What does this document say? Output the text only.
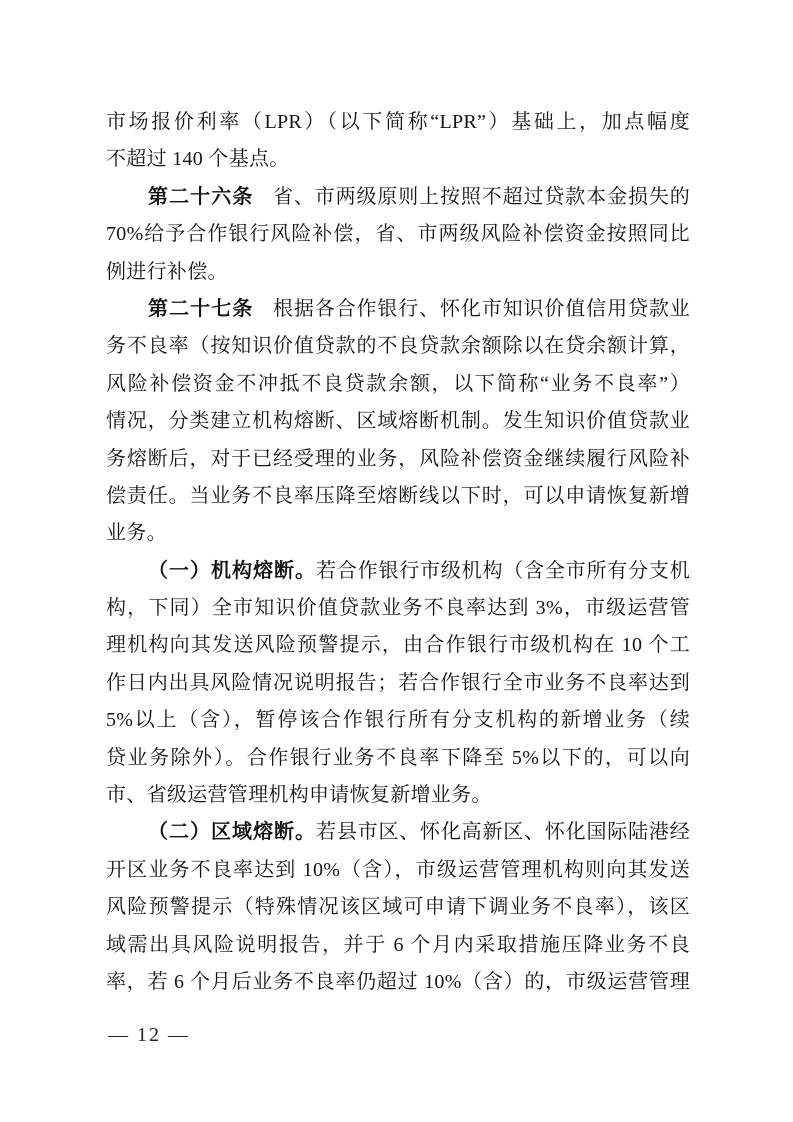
市场报价利率（LPR）（以下简称“LPR”）基础上，加点幅度

不超过 140 个基点。

第二十六条 省、市两级原则上按照不超过贷款本金损失的

70%给予合作银行风险补偿，省、市两级风险补偿资金按照同比

例进行补偿。

第二十七条 根据各合作银行、怀化市知识价值信用贷款业

务不良率（按知识价值贷款的不良贷款余额除以在贷余额计算，

风险补偿资金不冲抵不良贷款余额，以下简称“业务不良率”）

情况，分类建立机构熔断、区域熔断机制。发生知识价值贷款业

务熔断后，对于已经受理的业务，风险补偿资金继续履行风险补

偿责任。当业务不良率压降至熔断线以下时，可以申请恢复新增

业务。

（一）机构熔断。若合作银行市级机构（含全市所有分支机

构，下同）全市知识价值贷款业务不良率达到 3%，市级运营管

理机构向其发送风险预警提示，由合作银行市级机构在 10 个工

作日内出具风险情况说明报告；若合作银行全市业务不良率达到

5%以上（含），暂停该合作银行所有分支机构的新增业务（续

贷业务除外）。合作银行业务不良率下降至 5%以下的，可以向

市、省级运营管理机构申请恢复新增业务。

（二）区域熔断。若县市区、怀化高新区、怀化国际陆港经

开区业务不良率达到 10%（含），市级运营管理机构则向其发送

风险预警提示（特殊情况该区域可申请下调业务不良率），该区

域需出具风险说明报告，并于 6 个月内采取措施压降业务不良

率，若 6 个月后业务不良率仍超过 10%（含）的，市级运营管理

— 12 —
